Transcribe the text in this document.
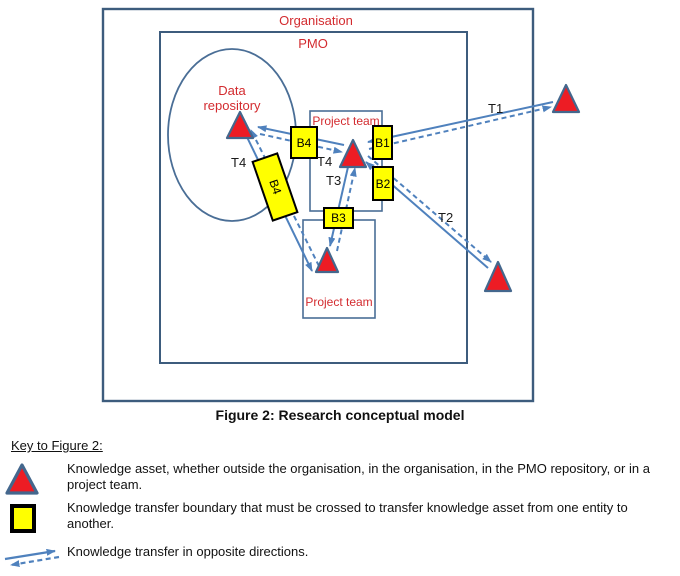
Organisation
PMO
Data repository
Project team
Project team
B4	B1
B2
B3
B4
T1
T2
T3
T4
T4
Figure 2: Research conceptual model
Key to Figure 2:
Knowledge asset, whether outside the organisation, in the organisation, in the PMO repository, or in a project team.
Knowledge transfer boundary that must be crossed to transfer knowledge asset from one entity to another.
Knowledge transfer in opposite directions.
